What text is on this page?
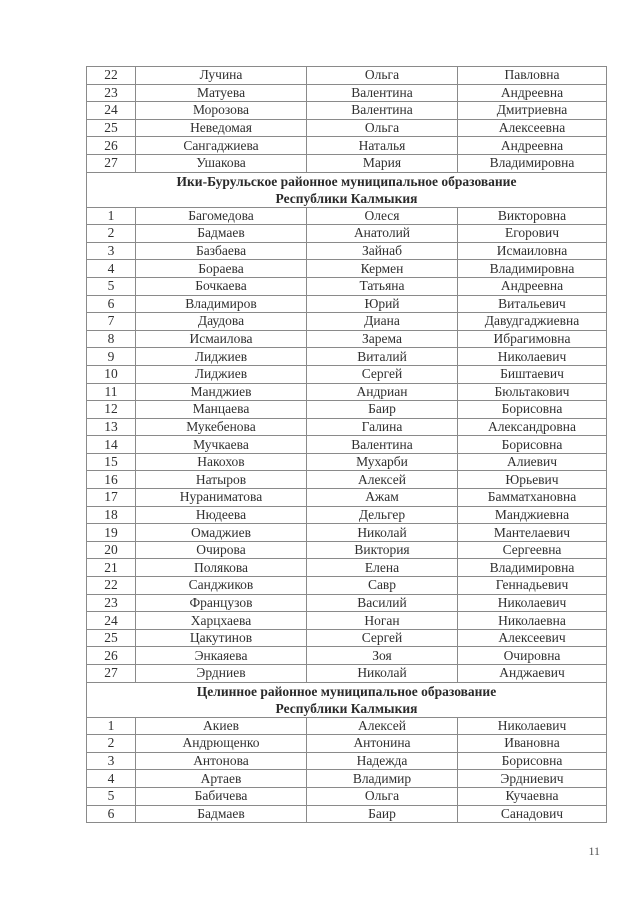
22	Лучина	Ольга	Павловна
23	Матуева	Валентина	Андреевна
24	Морозова	Валентина	Дмитриевна
25	Неведомая	Ольга	Алексеевна
26	Сангаджиева	Наталья	Андреевна
27	Ушакова	Мария	Владимировна

Ики-Бурульское районное муниципальное образование
Республики Калмыкия			

1	Багомедова	Олеся	Викторовна
2	Бадмаев	Анатолий	Егорович
3	Базбаева	Зайнаб	Исмаиловна
4	Бораева	Кермен	Владимировна
5	Бочкаева	Татьяна	Андреевна
6	Владимиров	Юрий	Витальевич
7	Даудова	Диана	Давудгаджиевна
8	Исмаилова	Зарема	Ибрагимовна
9	Лиджиев	Виталий	Николаевич
10	Лиджиев	Сергей	Биштаевич
11	Манджиев	Андриан	Бюльтакович
12	Манцаева	Баир	Борисовна
13	Мукебенова	Галина	Александровна
14	Мучкаева	Валентина	Борисовна
15	Накохов	Мухарби	Алиевич
16	Натыров	Алексей	Юрьевич
17	Нураниматова	Ажам	Бамматхановна
18	Нюдеева	Дельгер	Манджиевна
19	Омаджиев	Николай	Мантелаевич
20	Очирова	Виктория	Сергеевна
21	Полякова	Елена	Владимировна
22	Санджиков	Савр	Геннадьевич
23	Французов	Василий	Николаевич
24	Харцхаева	Ноган	Николаевна
25	Цакутинов	Сергей	Алексеевич
26	Энкаяева	Зоя	Очировна
27	Эрдниев	Николай	Анджаевич

Целинное районное муниципальное образование
Республики Калмыкия			

1	Акиев	Алексей	Николаевич
2	Андрющенко	Антонина	Ивановна
3	Антонова	Надежда	Борисовна
4	Артаев	Владимир	Эрдниевич
5	Бабичева	Ольга	Кучаевна
6	Бадмаев	Баир	Санадович
11
